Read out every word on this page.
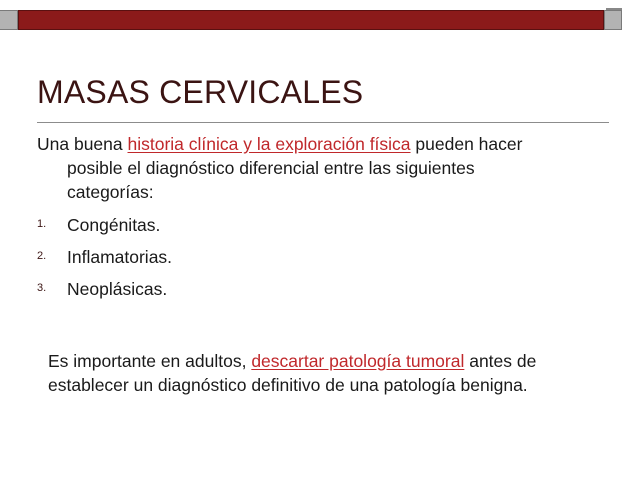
MASAS CERVICALES
Una buena historia clínica y la exploración física pueden hacer
posible el diagnóstico diferencial entre las siguientes
categorías:
1. Congénitas.
2. Inflamatorias.
3. Neoplásicas.
Es importante en adultos, descartar patología tumoral antes de
establecer un diagnóstico definitivo de una patología benigna.
